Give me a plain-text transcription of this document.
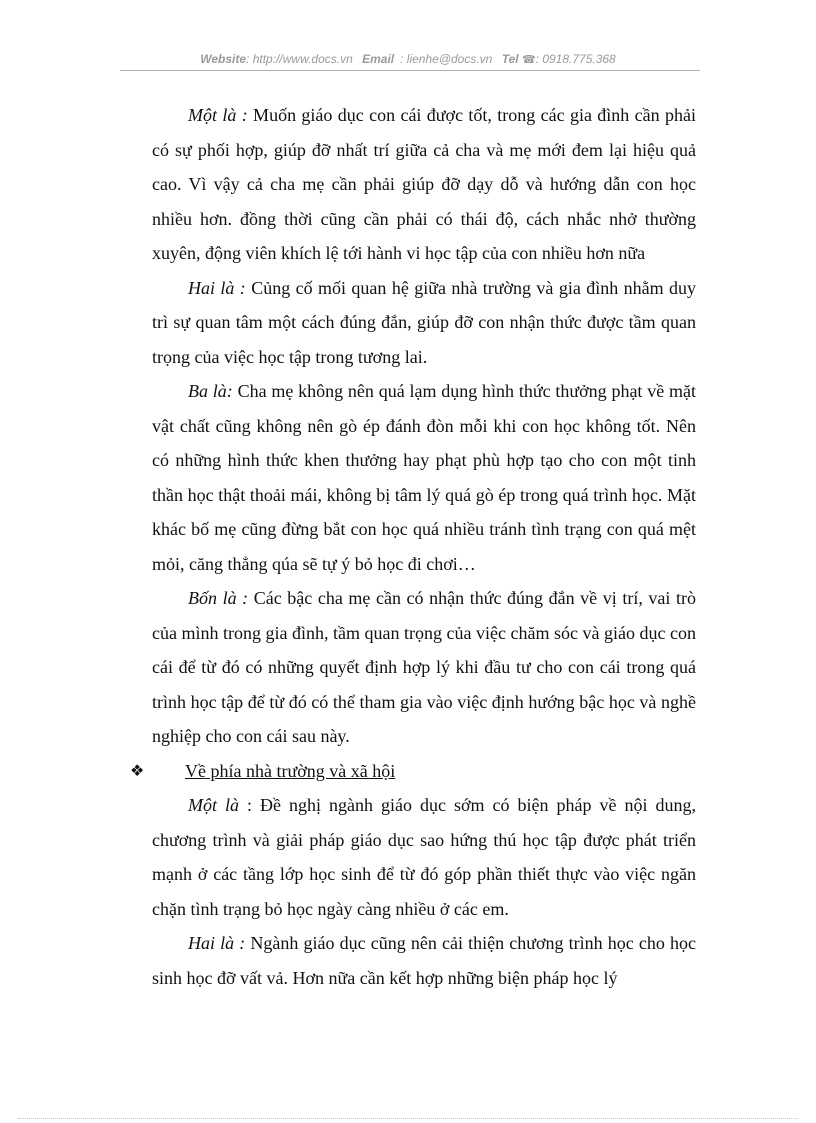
Website: http://www.docs.vn Email : lienhe@docs.vn Tel ☎: 0918.775.368

Một là : Muốn giáo dục con cái được tốt, trong các gia đình cần phải có sự phối hợp, giúp đỡ nhất trí giữa cả cha và mẹ mới đem lại hiệu quả cao. Vì vậy cả cha mẹ cần phải giúp đỡ dạy dỗ và hướng dẫn con học nhiều hơn. đồng thời cũng cần phải có thái độ, cách nhắc nhở thường xuyên, động viên khích lệ tới hành vi học tập của con nhiều hơn nữa

Hai là : Củng cố mối quan hệ giữa nhà trường và gia đình nhằm duy trì sự quan tâm một cách đúng đắn, giúp đỡ con nhận thức được tầm quan trọng của việc học tập trong tương lai.

Ba là: Cha mẹ không nên quá lạm dụng hình thức thưởng phạt về mặt vật chất cũng không nên gò ép đánh đòn mỗi khi con học không tốt. Nên có những hình thức khen thưởng hay phạt phù hợp tạo cho con một tinh thần học thật thoải mái, không bị tâm lý quá gò ép trong quá trình học. Mặt khác bố mẹ cũng đừng bắt con học quá nhiều tránh tình trạng con quá mệt mỏi, căng thẳng qúa sẽ tự ý bỏ học đi chơi…

Bốn là : Các bậc cha mẹ cần có nhận thức đúng đắn về vị trí, vai trò của mình trong gia đình, tầm quan trọng của việc chăm sóc và giáo dục con cái để từ đó có những quyết định hợp lý khi đầu tư cho con cái trong quá trình học tập để từ đó có thể tham gia vào việc định hướng bậc học và nghề nghiệp cho con cái sau này.

❖ Về phía nhà trường và xã hội

Một là : Đề nghị ngành giáo dục sớm có biện pháp về nội dung, chương trình và giải pháp giáo dục sao hứng thú học tập được phát triển mạnh ở các tầng lớp học sinh để từ đó góp phần thiết thực vào việc ngăn chặn tình trạng bỏ học ngày càng nhiều ở các em.

Hai là : Ngành giáo dục cũng nên cải thiện chương trình học cho học sinh học đỡ vất vả. Hơn nữa cần kết hợp những biện pháp học lý
